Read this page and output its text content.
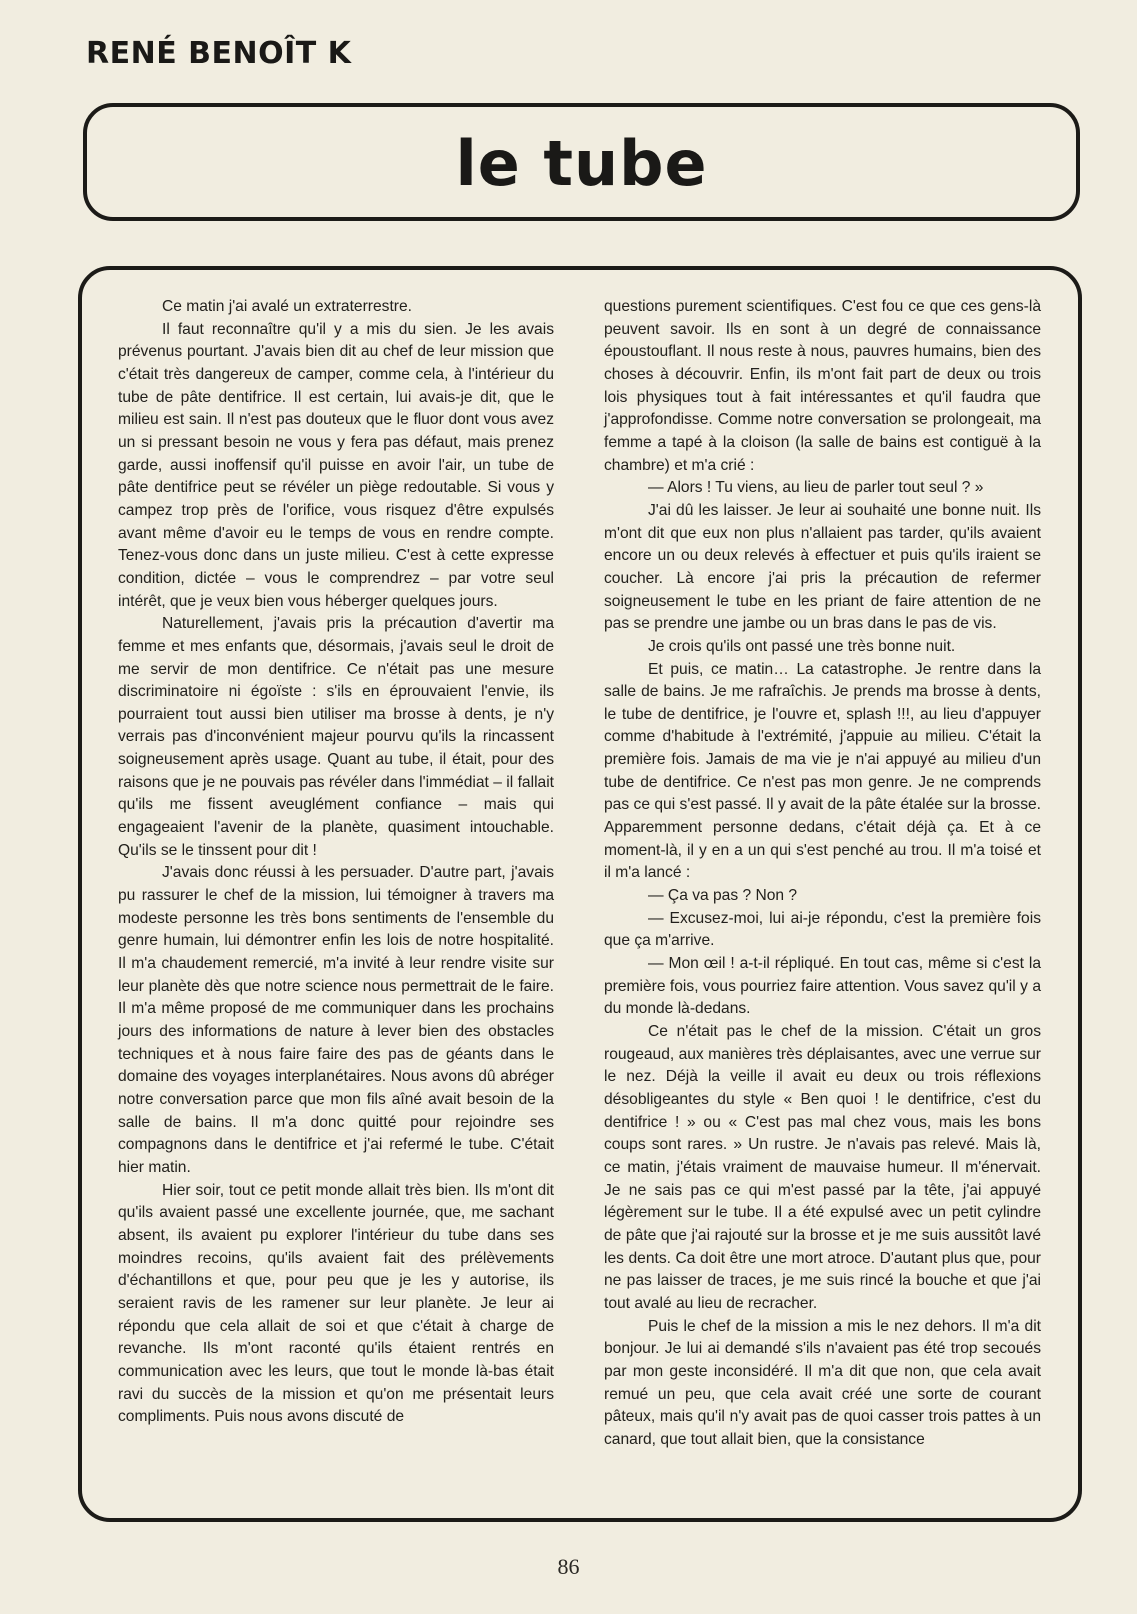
RENÉ BENOÎT K
le tube

Ce matin j'ai avalé un extraterrestre.

Il faut reconnaître qu'il y a mis du sien. Je les avais prévenus pourtant. J'avais bien dit au chef de leur mission que c'était très dangereux de camper, comme cela, à l'intérieur du tube de pâte dentifrice. Il est certain, lui avais-je dit, que le milieu est sain. Il n'est pas douteux que le fluor dont vous avez un si pressant besoin ne vous y fera pas défaut, mais prenez garde, aussi inoffensif qu'il puisse en avoir l'air, un tube de pâte dentifrice peut se révéler un piège redoutable. Si vous y campez trop près de l'orifice, vous risquez d'être expulsés avant même d'avoir eu le temps de vous en rendre compte. Tenez-vous donc dans un juste milieu. C'est à cette expresse condition, dictée – vous le comprendrez – par votre seul intérêt, que je veux bien vous héberger quelques jours.

Naturellement, j'avais pris la précaution d'avertir ma femme et mes enfants que, désormais, j'avais seul le droit de me servir de mon dentifrice. Ce n'était pas une mesure discriminatoire ni égoïste : s'ils en éprouvaient l'envie, ils pourraient tout aussi bien utiliser ma brosse à dents, je n'y verrais pas d'inconvénient majeur pourvu qu'ils la rincassent soigneusement après usage. Quant au tube, il était, pour des raisons que je ne pouvais pas révéler dans l'immédiat – il fallait qu'ils me fissent aveuglément confiance – mais qui engageaient l'avenir de la planète, quasiment intouchable. Qu'ils se le tinssent pour dit !

J'avais donc réussi à les persuader. D'autre part, j'avais pu rassurer le chef de la mission, lui témoigner à travers ma modeste personne les très bons sentiments de l'ensemble du genre humain, lui démontrer enfin les lois de notre hospitalité. Il m'a chaudement remercié, m'a invité à leur rendre visite sur leur planète dès que notre science nous permettrait de le faire. Il m'a même proposé de me communiquer dans les prochains jours des informations de nature à lever bien des obstacles techniques et à nous faire faire des pas de géants dans le domaine des voyages interplanétaires. Nous avons dû abréger notre conversation parce que mon fils aîné avait besoin de la salle de bains. Il m'a donc quitté pour rejoindre ses compagnons dans le dentifrice et j'ai refermé le tube. C'était hier matin.

Hier soir, tout ce petit monde allait très bien. Ils m'ont dit qu'ils avaient passé une excellente journée, que, me sachant absent, ils avaient pu explorer l'intérieur du tube dans ses moindres recoins, qu'ils avaient fait des prélèvements d'échantillons et que, pour peu que je les y autorise, ils seraient ravis de les ramener sur leur planète. Je leur ai répondu que cela allait de soi et que c'était à charge de revanche. Ils m'ont raconté qu'ils étaient rentrés en communication avec les leurs, que tout le monde là-bas était ravi du succès de la mission et qu'on me présentait leurs compliments. Puis nous avons discuté de

questions purement scientifiques. C'est fou ce que ces gens-là peuvent savoir. Ils en sont à un degré de connaissance époustouflant. Il nous reste à nous, pauvres humains, bien des choses à découvrir. Enfin, ils m'ont fait part de deux ou trois lois physiques tout à fait intéressantes et qu'il faudra que j'approfondisse. Comme notre conversation se prolongeait, ma femme a tapé à la cloison (la salle de bains est contiguë à la chambre) et m'a crié :

— Alors ! Tu viens, au lieu de parler tout seul ? »

J'ai dû les laisser. Je leur ai souhaité une bonne nuit. Ils m'ont dit que eux non plus n'allaient pas tarder, qu'ils avaient encore un ou deux relevés à effectuer et puis qu'ils iraient se coucher. Là encore j'ai pris la précaution de refermer soigneusement le tube en les priant de faire attention de ne pas se prendre une jambe ou un bras dans le pas de vis.

Je crois qu'ils ont passé une très bonne nuit.

Et puis, ce matin… La catastrophe. Je rentre dans la salle de bains. Je me rafraîchis. Je prends ma brosse à dents, le tube de dentifrice, je l'ouvre et, splash !!!, au lieu d'appuyer comme d'habitude à l'extrémité, j'appuie au milieu. C'était la première fois. Jamais de ma vie je n'ai appuyé au milieu d'un tube de dentifrice. Ce n'est pas mon genre. Je ne comprends pas ce qui s'est passé. Il y avait de la pâte étalée sur la brosse. Apparemment personne dedans, c'était déjà ça. Et à ce moment-là, il y en a un qui s'est penché au trou. Il m'a toisé et il m'a lancé :

— Ça va pas ? Non ?

— Excusez-moi, lui ai-je répondu, c'est la première fois que ça m'arrive.

— Mon œil ! a-t-il répliqué. En tout cas, même si c'est la première fois, vous pourriez faire attention. Vous savez qu'il y a du monde là-dedans.

Ce n'était pas le chef de la mission. C'était un gros rougeaud, aux manières très déplaisantes, avec une verrue sur le nez. Déjà la veille il avait eu deux ou trois réflexions désobligeantes du style « Ben quoi ! le dentifrice, c'est du dentifrice ! » ou « C'est pas mal chez vous, mais les bons coups sont rares. » Un rustre. Je n'avais pas relevé. Mais là, ce matin, j'étais vraiment de mauvaise humeur. Il m'énervait. Je ne sais pas ce qui m'est passé par la tête, j'ai appuyé légèrement sur le tube. Il a été expulsé avec un petit cylindre de pâte que j'ai rajouté sur la brosse et je me suis aussitôt lavé les dents. Ca doit être une mort atroce. D'autant plus que, pour ne pas laisser de traces, je me suis rincé la bouche et que j'ai tout avalé au lieu de recracher.

Puis le chef de la mission a mis le nez dehors. Il m'a dit bonjour. Je lui ai demandé s'ils n'avaient pas été trop secoués par mon geste inconsidéré. Il m'a dit que non, que cela avait remué un peu, que cela avait créé une sorte de courant pâteux, mais qu'il n'y avait pas de quoi casser trois pattes à un canard, que tout allait bien, que la consistance

86
